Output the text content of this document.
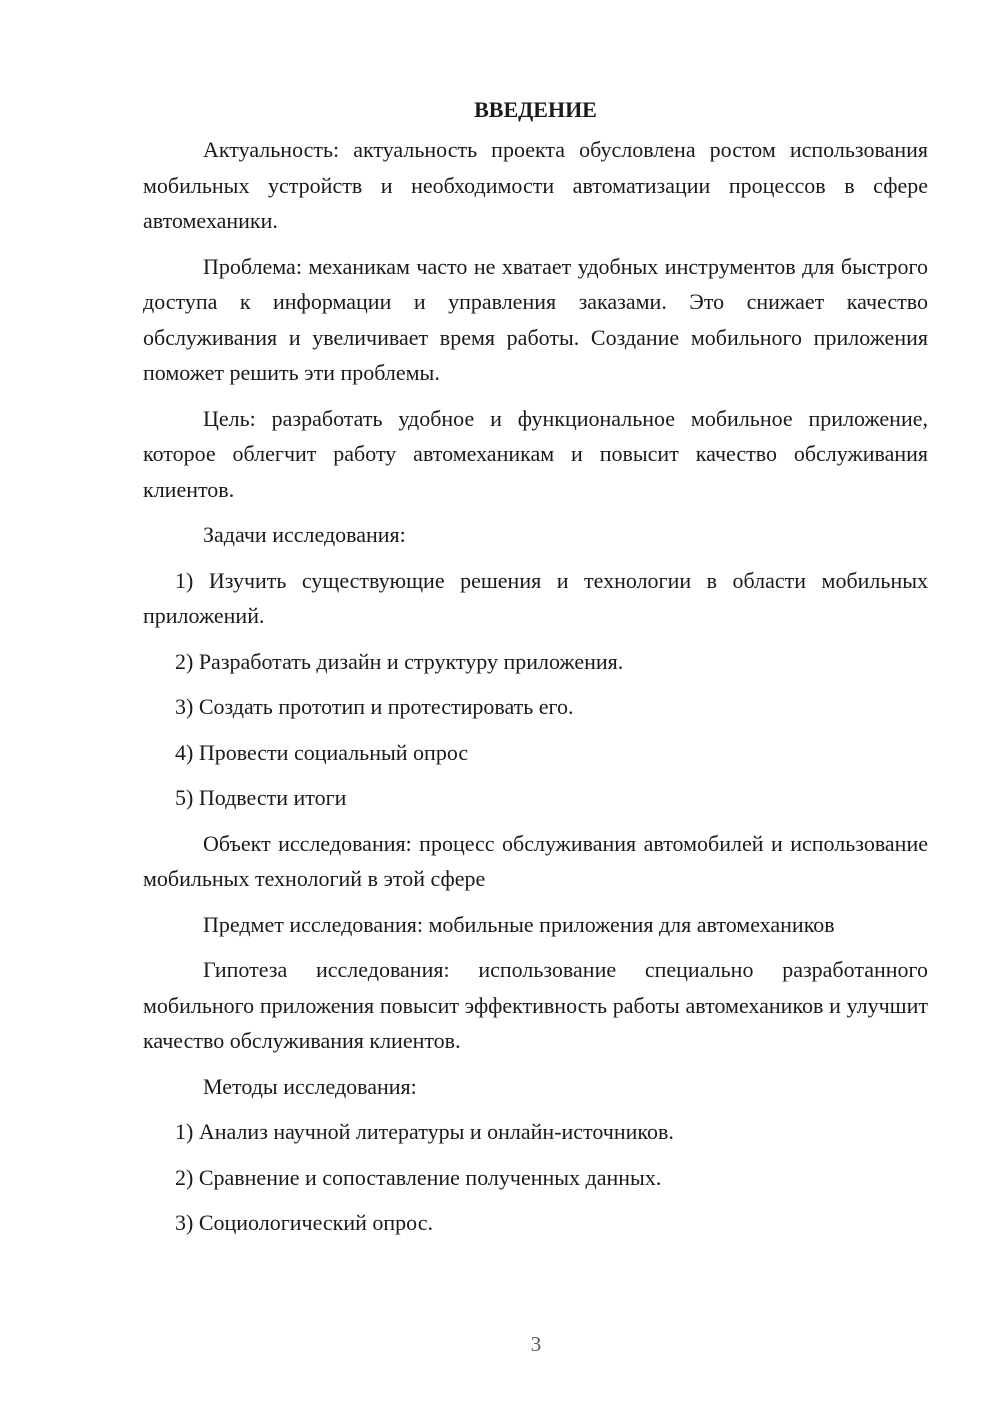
ВВЕДЕНИЕ

Актуальность: актуальность проекта обусловлена ростом использования мобильных устройств и необходимости автоматизации процессов в сфере автомеханики.

Проблема: механикам часто не хватает удобных инструментов для быстрого доступа к информации и управления заказами. Это снижает качество обслуживания и увеличивает время работы. Создание мобильного приложения поможет решить эти проблемы.

Цель: разработать удобное и функциональное мобильное приложение, которое облегчит работу автомеханикам и повысит качество обслуживания клиентов.

Задачи исследования:

1) Изучить существующие решения и технологии в области мобильных приложений.

2) Разработать дизайн и структуру приложения.

3) Создать прототип и протестировать его.

4) Провести социальный опрос

5) Подвести итоги

Объект исследования: процесс обслуживания автомобилей и использование мобильных технологий в этой сфере

Предмет исследования: мобильные приложения для автомехаников

Гипотеза исследования: использование специально разработанного мобильного приложения повысит эффективность работы автомехаников и улучшит качество обслуживания клиентов.

Методы исследования:

1) Анализ научной литературы и онлайн-источников.

2) Сравнение и сопоставление полученных данных.

3) Социологический опрос.

3
